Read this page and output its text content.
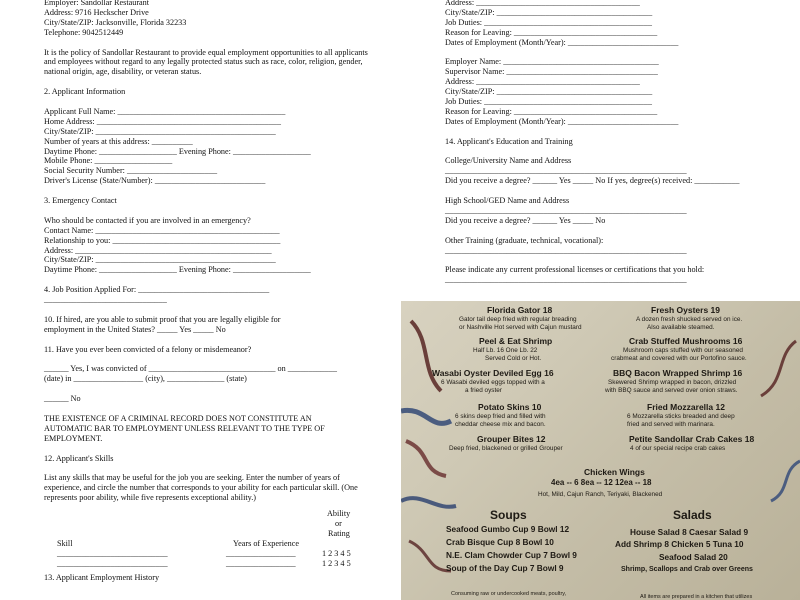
Employer: Sandollar Restaurant

Address: 9716 Heckscher Drive

City/State/ZIP: Jacksonville, Florida 32233

Telephone: 9042512449

It is the policy of Sandollar Restaurant to provide equal employment opportunities to all applicants

and employees without regard to any legally protected status such as race, color, religion, gender,

national origin, age, disability, or veteran status.

2. Applicant Information

Applicant Full Name: _________________________________________

Home Address: _____________________________________________

City/State/ZIP: ____________________________________________

Number of years at this address: __________

Daytime Phone: ___________________ Evening Phone: ___________________

Mobile Phone: ___________________

Social Security Number: ______________________

Driver's License (State/Number): ___________________________

3. Emergency Contact

Who should be contacted if you are involved in an emergency?

Contact Name: _____________________________________________

Relationship to you: _________________________________________

Address: ________________________________________________

City/State/ZIP: ____________________________________________

Daytime Phone: ___________________ Evening Phone: ___________________

4. Job Position Applied For: ________________________________

______________________________

10. If hired, are you able to submit proof that you are legally eligible for

employment in the United States? _____ Yes _____ No

11. Have you ever been convicted of a felony or misdemeanor?

______ Yes, I was convicted of _______________________________ on ____________

(date) in _________________ (city), ______________ (state)

______ No

THE EXISTENCE OF A CRIMINAL RECORD DOES NOT CONSTITUTE AN

AUTOMATIC BAR TO EMPLOYMENT UNLESS RELEVANT TO THE TYPE OF

EMPLOYMENT.

12. Applicant's Skills

List any skills that may be useful for the job you are seeking. Enter the number of years of

experience, and circle the number that corresponds to your ability for each particular skill. (One

represents poor ability, while five represents exceptional ability.)

Ability
or
Rating
Skill	Years of Experience
___________________________	_________________	1 2 3 4 5
___________________________	_________________	1 2 3 4 5

13. Applicant Employment History

Address: ________________________________________

City/State/ZIP: ______________________________________

Job Duties: _________________________________________

Reason for Leaving: ___________________________________

Dates of Employment (Month/Year): ___________________________

Employer Name: ______________________________________

Supervisor Name: _____________________________________

Address: ________________________________________

City/State/ZIP: ______________________________________

Job Duties: _________________________________________

Reason for Leaving: ___________________________________

Dates of Employment (Month/Year): ___________________________

14. Applicant's Education and Training

College/University Name and Address

___________________________________________________________

Did you receive a degree? ______ Yes _____ No If yes, degree(s) received: ___________

High School/GED Name and Address

___________________________________________________________

Did you receive a degree? ______ Yes _____ No

Other Training (graduate, technical, vocational):

___________________________________________________________

Please indicate any current professional licenses or certifications that you hold:

___________________________________________________________

Florida Gator 18
Gator tail deep fried with regular breading
or Nashville Hot served with Cajun mustard
Fresh Oysters 19
A dozen fresh shucked served on ice.
Also available steamed.
Peel & Eat Shrimp
Half Lb. 16 One Lb. 22
Served Cold or Hot.
Crab Stuffed Mushrooms 16
Mushroom caps stuffed with our seasoned
crabmeat and covered with our Portofino sauce.
Wasabi Oyster Deviled Egg 16
6 Wasabi deviled eggs topped with a
a fried oyster
BBQ Bacon Wrapped Shrimp 16
Skewered Shrimp wrapped in bacon, drizzled
with BBQ sauce and served over onion straws.
Potato Skins 10
6 skins deep fried and filled with
cheddar cheese mix and bacon.
Fried Mozzarella 12
6 Mozzarella sticks breaded and deep
fried and served with marinara.
Grouper Bites 12
Deep fried, blackened or grilled Grouper
Petite Sandollar Crab Cakes 18
4 of our special recipe crab cakes
Chicken Wings
4ea -- 6 8ea -- 12 12ea -- 18
Hot, Mild, Cajun Ranch, Teriyaki, Blackened
Soups	Salads
Seafood Gumbo Cup 9 Bowl 12
Crab Bisque Cup 8 Bowl 10
N.E. Clam Chowder Cup 7 Bowl 9
Soup of the Day Cup 7 Bowl 9
House Salad 8 Caesar Salad 9
Add Shrimp 8 Chicken 5 Tuna 10
Seafood Salad 20
Shrimp, Scallops and Crab over Greens
Consuming raw or undercooked meats, poultry,	All items are prepared in a kitchen that utilizes
